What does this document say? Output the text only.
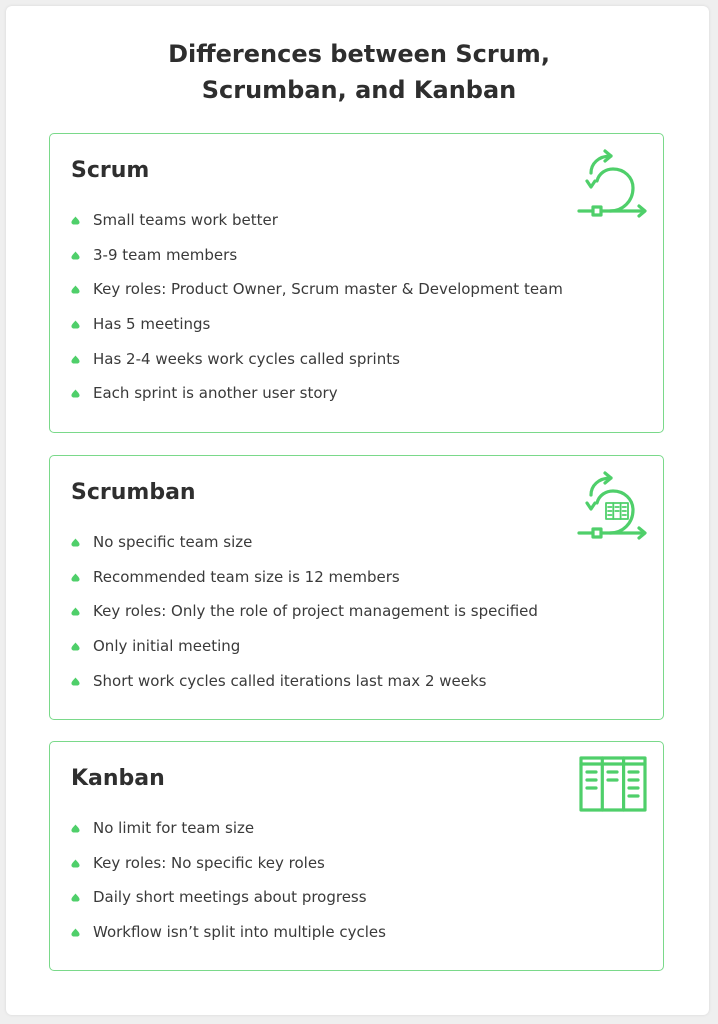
Differences between Scrum,
Scrumban, and Kanban
Scrum
Small teams work better
3-9 team members
Key roles: Product Owner, Scrum master & Development team
Has 5 meetings
Has 2-4 weeks work cycles called sprints
Each sprint is another user story
Scrumban
No specific team size
Recommended team size is 12 members
Key roles: Only the role of project management is specified
Only initial meeting
Short work cycles called iterations last max 2 weeks
Kanban
No limit for team size
Key roles: No specific key roles
Daily short meetings about progress
Workflow isn’t split into multiple cycles
